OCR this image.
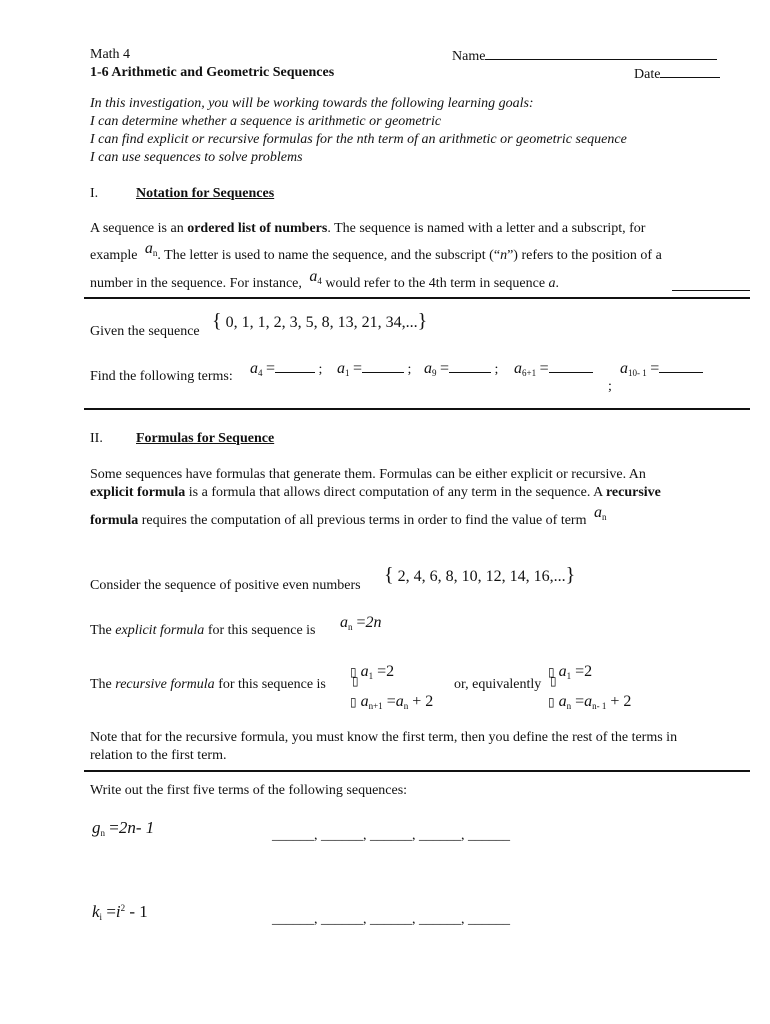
Math 4	Name
1-6 Arithmetic and Geometric Sequences	Date
In this investigation, you will be working towards the following learning goals:
I can determine whether a sequence is arithmetic or geometric
I can find explicit or recursive formulas for the nth term of an arithmetic or geometric sequence
I can use sequences to solve problems
I.	Notation for Sequences
A sequence is an ordered list of numbers. The sequence is named with a letter and a subscript, for
example $a_n$. The letter is used to name the sequence, and the subscript (“n”) refers to the position of a
number in the sequence. For instance, $a_4$ would refer to the 4th term in sequence a.
Given the sequence { 0, 1, 1, 2, 3, 5, 8, 13, 21, 34,...}
Find the following terms: $a_4$ =	; $a_1$ =	; $a_9$ =	; $a_{6+1}$ =
;
$a_{10- 1}$ =
II. Formulas for Sequence
Some sequences have formulas that generate them. Formulas can be either explicit or recursive. An
explicit formula is a formula that allows direct computation of any term in the sequence. A recursive
formula requires the computation of all previous terms in order to find the value of term $a_n$
Consider the sequence of positive even numbers { 2, 4, 6, 8, 10, 12, 14, 16,...}
The explicit formula for this sequence is $a_n =2n$
The recursive formula for this sequence is
▯ $a_1 =2$
▯ $a_{n+1} =a_n + 2$
▯	or, equivalently
▯ $a_1 =2$
▯ $a_n =a_{n- 1} + 2$
▯
Note that for the recursive formula, you must know the first term, then you define the rest of the terms in
relation to the first term.
Write out the first five terms of the following sequences:
$g_n =2n-$ 1	______, ______, ______, ______, ______
$k_i =i^2 - 1$	______, ______, ______, ______, ______
